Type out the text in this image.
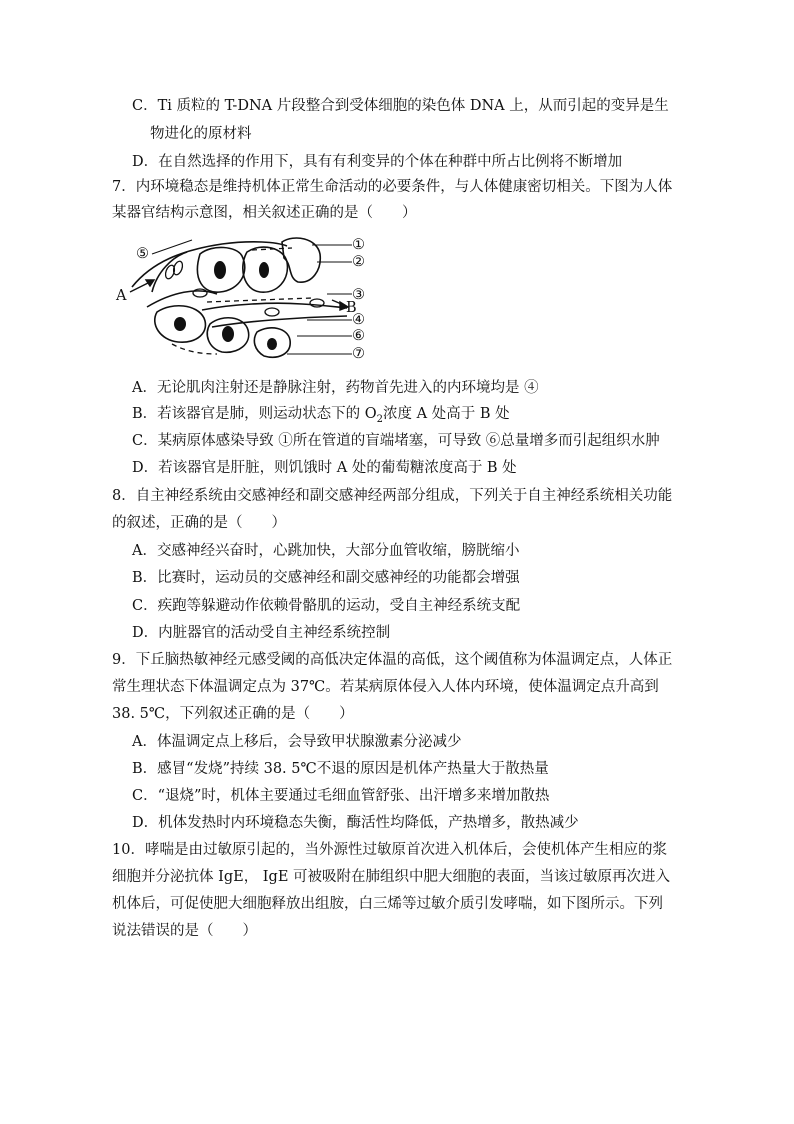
C．Ti 质粒的 T-DNA 片段整合到受体细胞的染色体 DNA 上，从而引起的变异是生
物进化的原材料
D．在自然选择的作用下，具有有利变异的个体在种群中所占比例将不断增加
7．内环境稳态是维持机体正常生命活动的必要条件，与人体健康密切相关。下图为人体
某器官结构示意图，相关叙述正确的是（　　）
①
②
③
④
⑥
⑦
⑤
A
B
A．无论肌肉注射还是静脉注射，药物首先进入的内环境均是 ④
B．若该器官是肺，则运动状态下的 $O_2$浓度 A 处高于 B 处
C．某病原体感染导致 ①所在管道的盲端堵塞，可导致 ⑥总量增多而引起组织水肿
D．若该器官是肝脏，则饥饿时 A 处的葡萄糖浓度高于 B 处
8．自主神经系统由交感神经和副交感神经两部分组成，下列关于自主神经系统相关功能
的叙述，正确的是（　　）
A．交感神经兴奋时，心跳加快，大部分血管收缩，膀胱缩小
B．比赛时，运动员的交感神经和副交感神经的功能都会增强
C．疾跑等躲避动作依赖骨骼肌的运动，受自主神经系统支配
D．内脏器官的活动受自主神经系统控制
9．下丘脑热敏神经元感受阈的高低决定体温的高低，这个阈值称为体温调定点，人体正
常生理状态下体温调定点为 37℃。若某病原体侵入人体内环境，使体温调定点升高到
38. 5℃，下列叙述正确的是（　　）
A．体温调定点上移后，会导致甲状腺激素分泌减少
B．感冒“发烧”持续 38. 5℃不退的原因是机体产热量大于散热量
C．“退烧”时，机体主要通过毛细血管舒张、出汗增多来增加散热
D．机体发热时内环境稳态失衡，酶活性均降低，产热增多，散热减少
10．哮喘是由过敏原引起的，当外源性过敏原首次进入机体后，会使机体产生相应的浆
细胞并分泌抗体 IgE， IgE 可被吸附在肺组织中肥大细胞的表面，当该过敏原再次进入
机体后，可促使肥大细胞释放出组胺，白三烯等过敏介质引发哮喘，如下图所示。下列
说法错误的是（　　）
